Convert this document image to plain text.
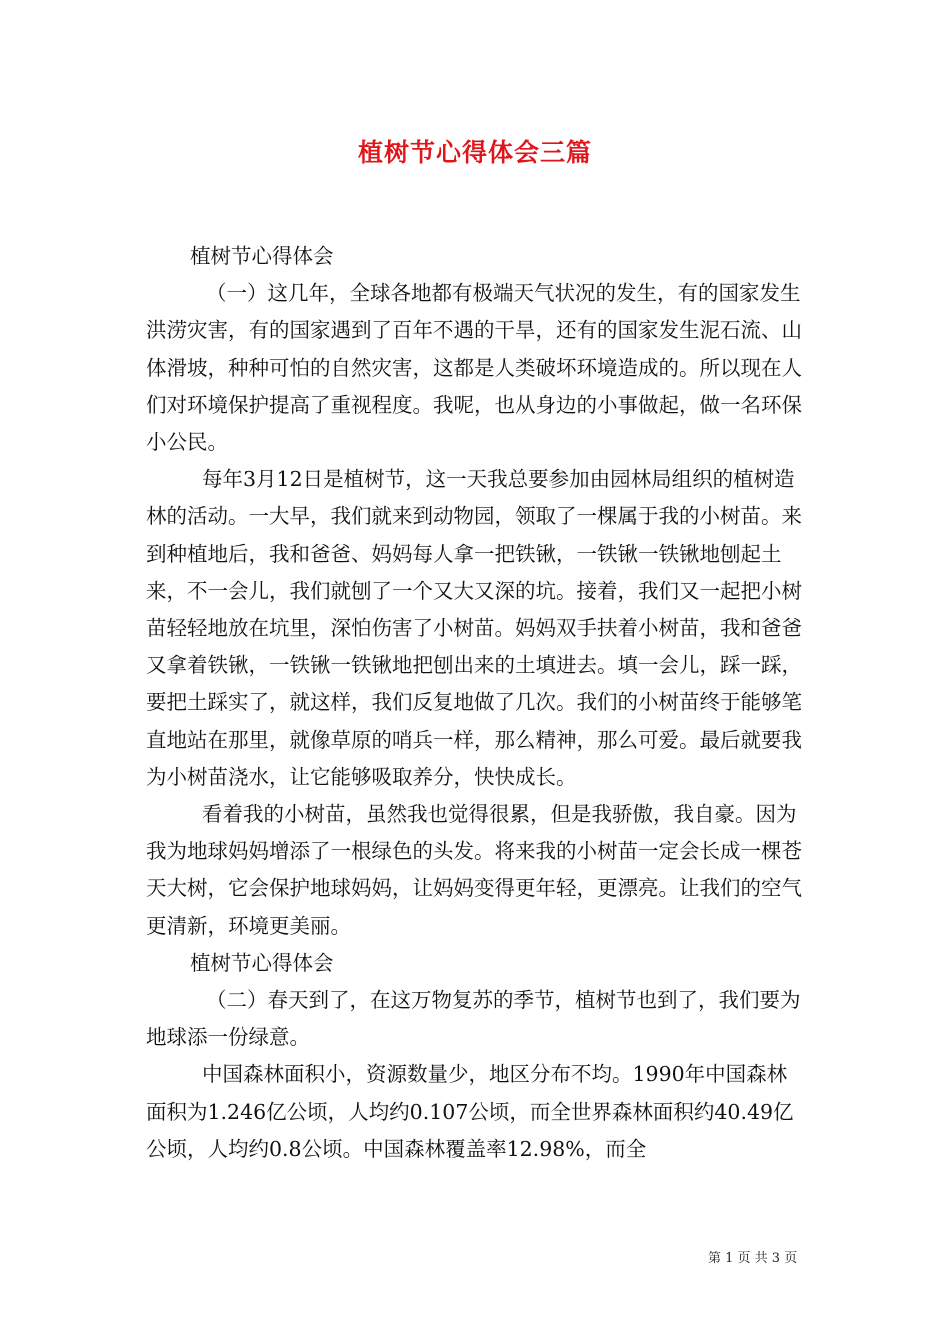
植树节心得体会三篇

植树节心得体会

（一）这几年，全球各地都有极端天气状况的发生，有的国家发生洪涝灾害，有的国家遇到了百年不遇的干旱，还有的国家发生泥石流、山体滑坡，种种可怕的自然灾害，这都是人类破坏环境造成的。所以现在人们对环境保护提高了重视程度。我呢，也从身边的小事做起，做一名环保小公民。

每年3月12日是植树节，这一天我总要参加由园林局组织的植树造林的活动。一大早，我们就来到动物园，领取了一棵属于我的小树苗。来到种植地后，我和爸爸、妈妈每人拿一把铁锹，一铁锹一铁锹地刨起土来，不一会儿，我们就刨了一个又大又深的坑。接着，我们又一起把小树苗轻轻地放在坑里，深怕伤害了小树苗。妈妈双手扶着小树苗，我和爸爸又拿着铁锹，一铁锹一铁锹地把刨出来的土填进去。填一会儿，踩一踩，要把土踩实了，就这样，我们反复地做了几次。我们的小树苗终于能够笔直地站在那里，就像草原的哨兵一样，那么精神，那么可爱。最后就要我为小树苗浇水，让它能够吸取养分，快快成长。

看着我的小树苗，虽然我也觉得很累，但是我骄傲，我自豪。因为我为地球妈妈增添了一根绿色的头发。将来我的小树苗一定会长成一棵苍天大树，它会保护地球妈妈，让妈妈变得更年轻，更漂亮。让我们的空气更清新，环境更美丽。

植树节心得体会

（二）春天到了，在这万物复苏的季节，植树节也到了，我们要为地球添一份绿意。

中国森林面积小，资源数量少，地区分布不均。1990年中国森林面积为1.246亿公顷，人均约0.107公顷，而全世界森林面积约40.49亿公顷，人均约0.8公顷。中国森林覆盖率12.98%，而全

第 1 页 共 3 页
